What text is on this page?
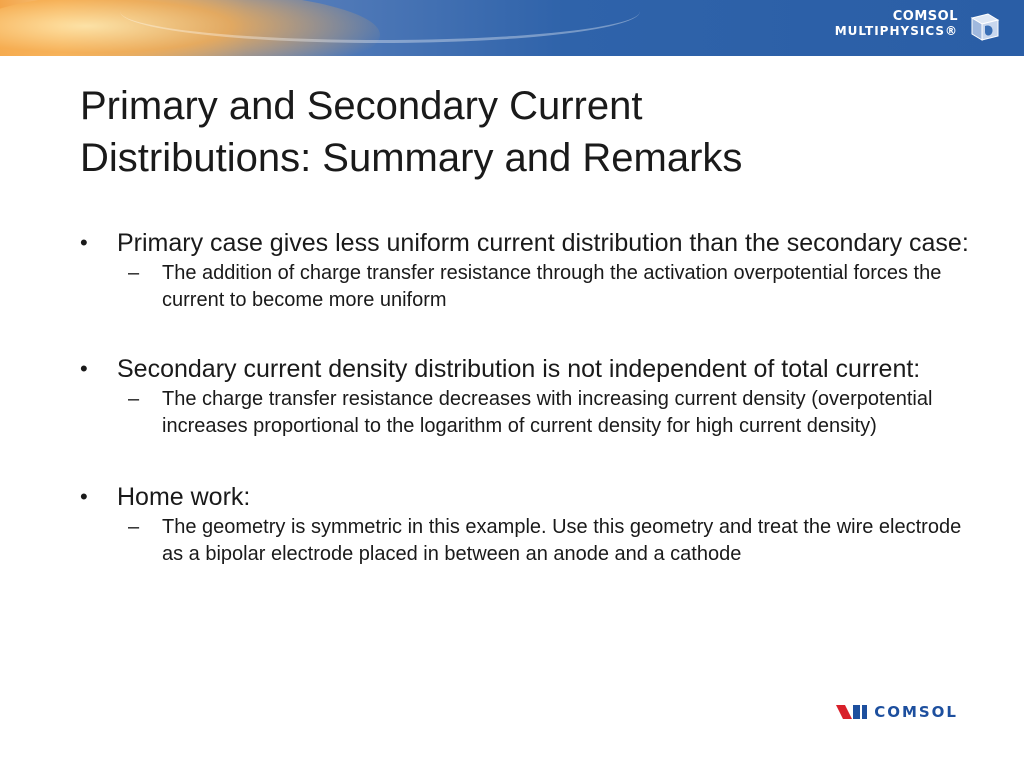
COMSOL
MULTIPHYSICS®
Primary and Secondary Current
Distributions: Summary and Remarks
•	Primary case gives less uniform current distribution than the secondary case:
– The addition of charge transfer resistance through the activation overpotential forces the current to become more uniform
•	Secondary current density distribution is not independent of total current:
– The charge transfer resistance decreases with increasing current density (overpotential increases proportional to the logarithm of current density for high current density)
•	Home work:
– The geometry is symmetric in this example. Use this geometry and treat the wire electrode as a bipolar electrode placed in between an anode and a cathode
COMSOL
